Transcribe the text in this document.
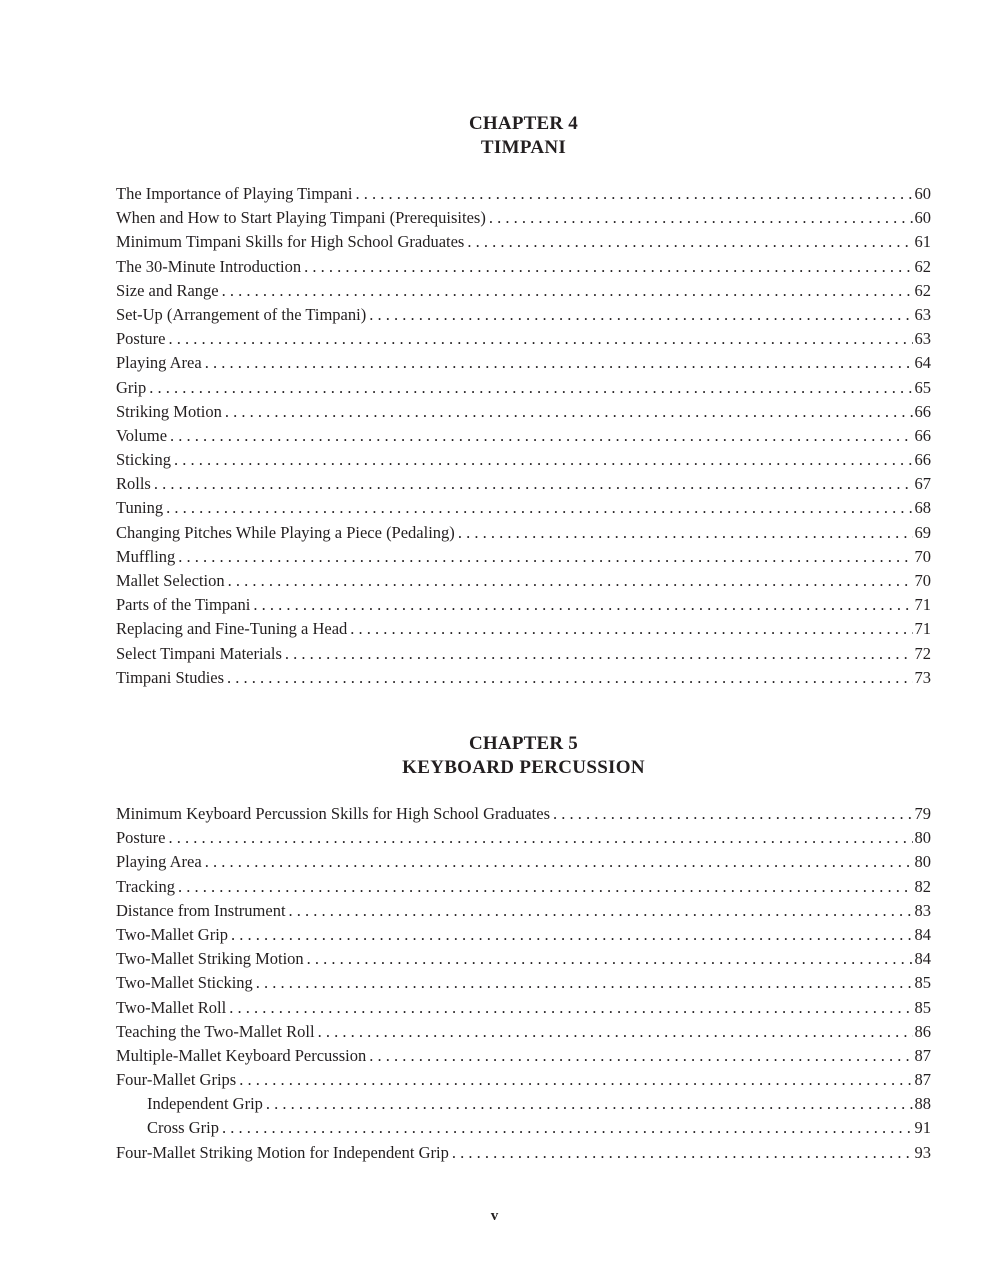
CHAPTER 4
TIMPANI
The Importance of Playing Timpani . . .	60
When and How to Start Playing Timpani (Prerequisites) . . .	60
Minimum Timpani Skills for High School Graduates . . .	61
The 30-Minute Introduction . . .	62
Size and Range . . .	62
Set-Up (Arrangement of the Timpani) . . .	63
Posture . . .	63
Playing Area . . .	64
Grip . . .	65
Striking Motion . . .	66
Volume . . .	66
Sticking . . .	66
Rolls . . .	67
Tuning . . .	68
Changing Pitches While Playing a Piece (Pedaling) . . .	69
Muffling . . .	70
Mallet Selection . . .	70
Parts of the Timpani . . .	71
Replacing and Fine-Tuning a Head . . .	71
Select Timpani Materials . . .	72
Timpani Studies . . .	73
CHAPTER 5
KEYBOARD PERCUSSION
Minimum Keyboard Percussion Skills for High School Graduates . . .	79
Posture . . .	80
Playing Area . . .	80
Tracking . . .	82
Distance from Instrument . . .	83
Two-Mallet Grip . . .	84
Two-Mallet Striking Motion . . .	84
Two-Mallet Sticking . . .	85
Two-Mallet Roll . . .	85
Teaching the Two-Mallet Roll . . .	86
Multiple-Mallet Keyboard Percussion . . .	87
Four-Mallet Grips . . .	87
Independent Grip . . .	88
Cross Grip . . .	91
Four-Mallet Striking Motion for Independent Grip . . .	93
v
